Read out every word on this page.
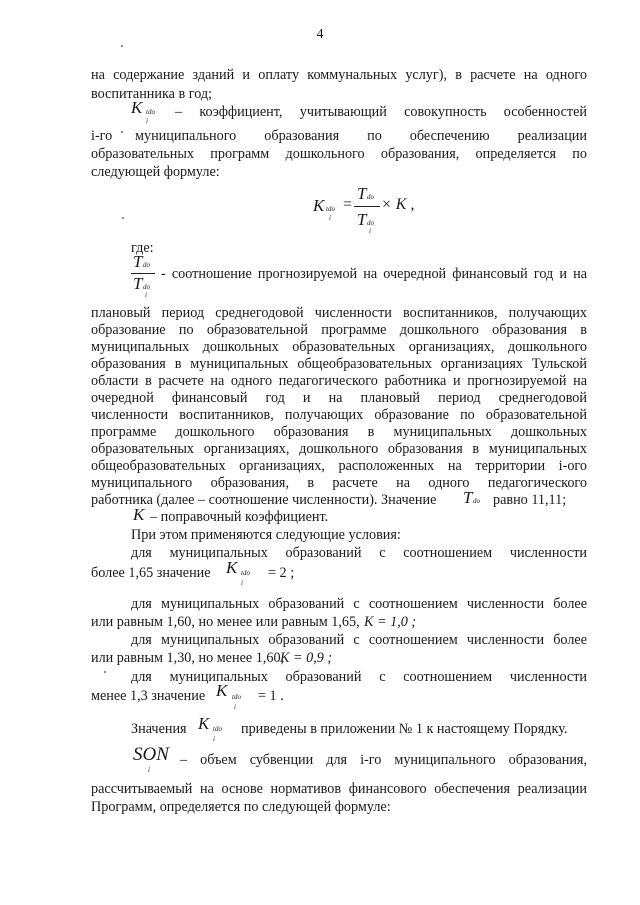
4
на содержание зданий и оплату коммунальных услуг), в расчете на одного
воспитанника в год;
K tdo
i
– коэффициент, учитывающий совокупность особенностей
i-го	муниципального образования по обеспечению реализации
образовательных программ дошкольного образования, определяется по
следующей формуле:
K tdo
i
=
T do
T do
i
× K ,
где:
T do
T do
i
- соотношение прогнозируемой на очередной финансовый год и на
плановый период среднегодовой численности воспитанников, получающих
образование по образовательной программе дошкольного образования в
муниципальных дошкольных образовательных организациях, дошкольного
образования в муниципальных общеобразовательных организациях Тульской
области в расчете на одного педагогического работника и прогнозируемой на
очередной финансовый год и на плановый период среднегодовой
численности воспитанников, получающих образование по образовательной
программе дошкольного образования в муниципальных дошкольных
образовательных организациях, дошкольного образования в муниципальных
общеобразовательных организациях, расположенных на территории i-ого
муниципального образования, в расчете на одного педагогического
работника (далее – соотношение численности). Значение T do равно 11,11;
K – поправочный коэффициент.
При этом применяются следующие условия:
для муниципальных образований с соотношением численности
более 1,65 значение K tdo
i
= 2 ;
для муниципальных образований с соотношением численности более
или равным 1,60, но менее или равным 1,65, K = 1,0 ;
для муниципальных образований с соотношением численности более
или равным 1,30, но менее 1,60,
K = 0,9 ;
для муниципальных образований с соотношением численности
менее 1,3 значение K tdo
i
= 1 .
Значения K tdo
i
приведены в приложении № 1 к настоящему Порядку.
SON
i
– объем субвенции для i-го муниципального образования,
рассчитываемый на основе нормативов финансового обеспечения реализации
Программ, определяется по следующей формуле:
